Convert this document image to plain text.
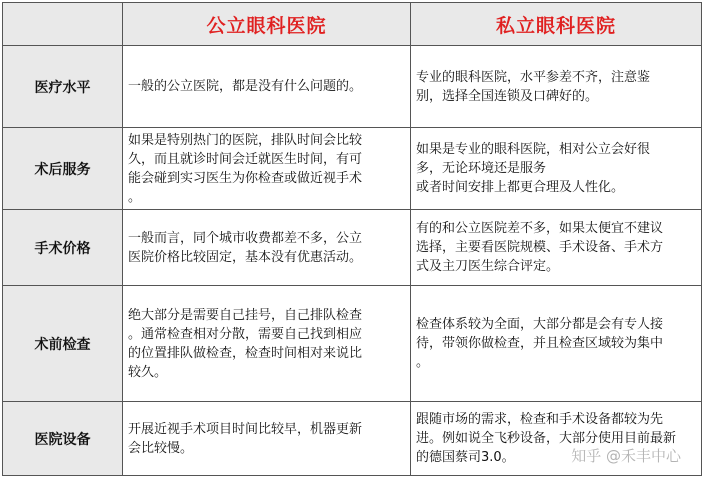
	公立眼科医院	私立眼科医院
医疗水平	一般的公立医院，都是没有什么问题的。	专业的眼科医院，水平参差不齐，注意鉴
别，选择全国连锁及口碑好的。

术后服务	如果是特别热门的医院，排队时间会比较
久，而且就诊时间会迁就医生时间，有可
能会碰到实习医生为你检查或做近视手术
。	如果是专业的眼科医院，相对公立会好很
多，无论环境还是服务
或者时间安排上都更合理及人性化。

手术价格	一般而言，同个城市收费都差不多，公立
医院价格比较固定，基本没有优惠活动。	有的和公立医院差不多，如果太便宜不建议
选择，主要看医院规模、手术设备、手术方
式及主刀医生综合评定。

术前检查	绝大部分是需要自己挂号，自己排队检查
。通常检查相对分散，需要自己找到相应
的位置排队做检查，检查时间相对来说比
较久。	检查体系较为全面，大部分都是会有专人接
待，带领你做检查，并且检查区域较为集中
。

医院设备	开展近视手术项目时间比较早，机器更新
会比较慢。	跟随市场的需求，检查和手术设备都较为先
进。例如说全飞秒设备，大部分使用目前最新
的德国蔡司3.0。	知乎 @禾丰中心
